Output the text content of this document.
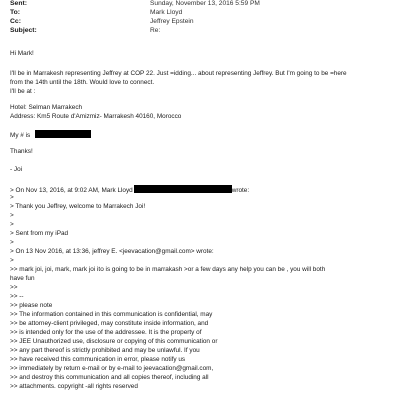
Sent:	Sunday, November 13, 2016 5:59 PM
To:	Mark Lloyd
Cc:	Jeffrey Epstein
Subject:	Re:
Hi Mark!
I'll be in Marrakesh representing Jeffrey at COP 22. Just =idding... about representing Jeffrey. But I'm going to be =here
from the 14th until the 18th. Would love to connect.
I'll be at :
Hotel: Selman Marrakech
Address: Km5 Route d'Amizmiz- Marrakesh 40160, Morocco
My # is
Thanks!
- Joi
> On Nov 13, 2016, at 9:02 AM, Mark Lloyd	wrote:
>
> Thank you Jeffrey, welcome to Marrakech Joi!
>
>
> Sent from my iPad
>
> On 13 Nov 2016, at 13:36, jeffrey E. <jeevacation@gmail.com> wrote:
>
>> mark joi, joi, mark, mark joi ito is going to be in marrakash >or a few days any help you can be , you will both
have fun
>>
>> --
>> please note
>> The information contained in this communication is confidential, may
>> be attorney-client privileged, may constitute inside information, and
>> is intended only for the use of the addressee. It is the property of
>> JEE Unauthorized use, disclosure or copying of this communication or
>> any part thereof is strictly prohibited and may be unlawful. If you
>> have received this communication in error, please notify us
>> immediately by return e-mail or by e-mail to jeevacation@gmail.com,
>> and destroy this communication and all copies thereof, including all
>> attachments. copyright -all rights reserved
